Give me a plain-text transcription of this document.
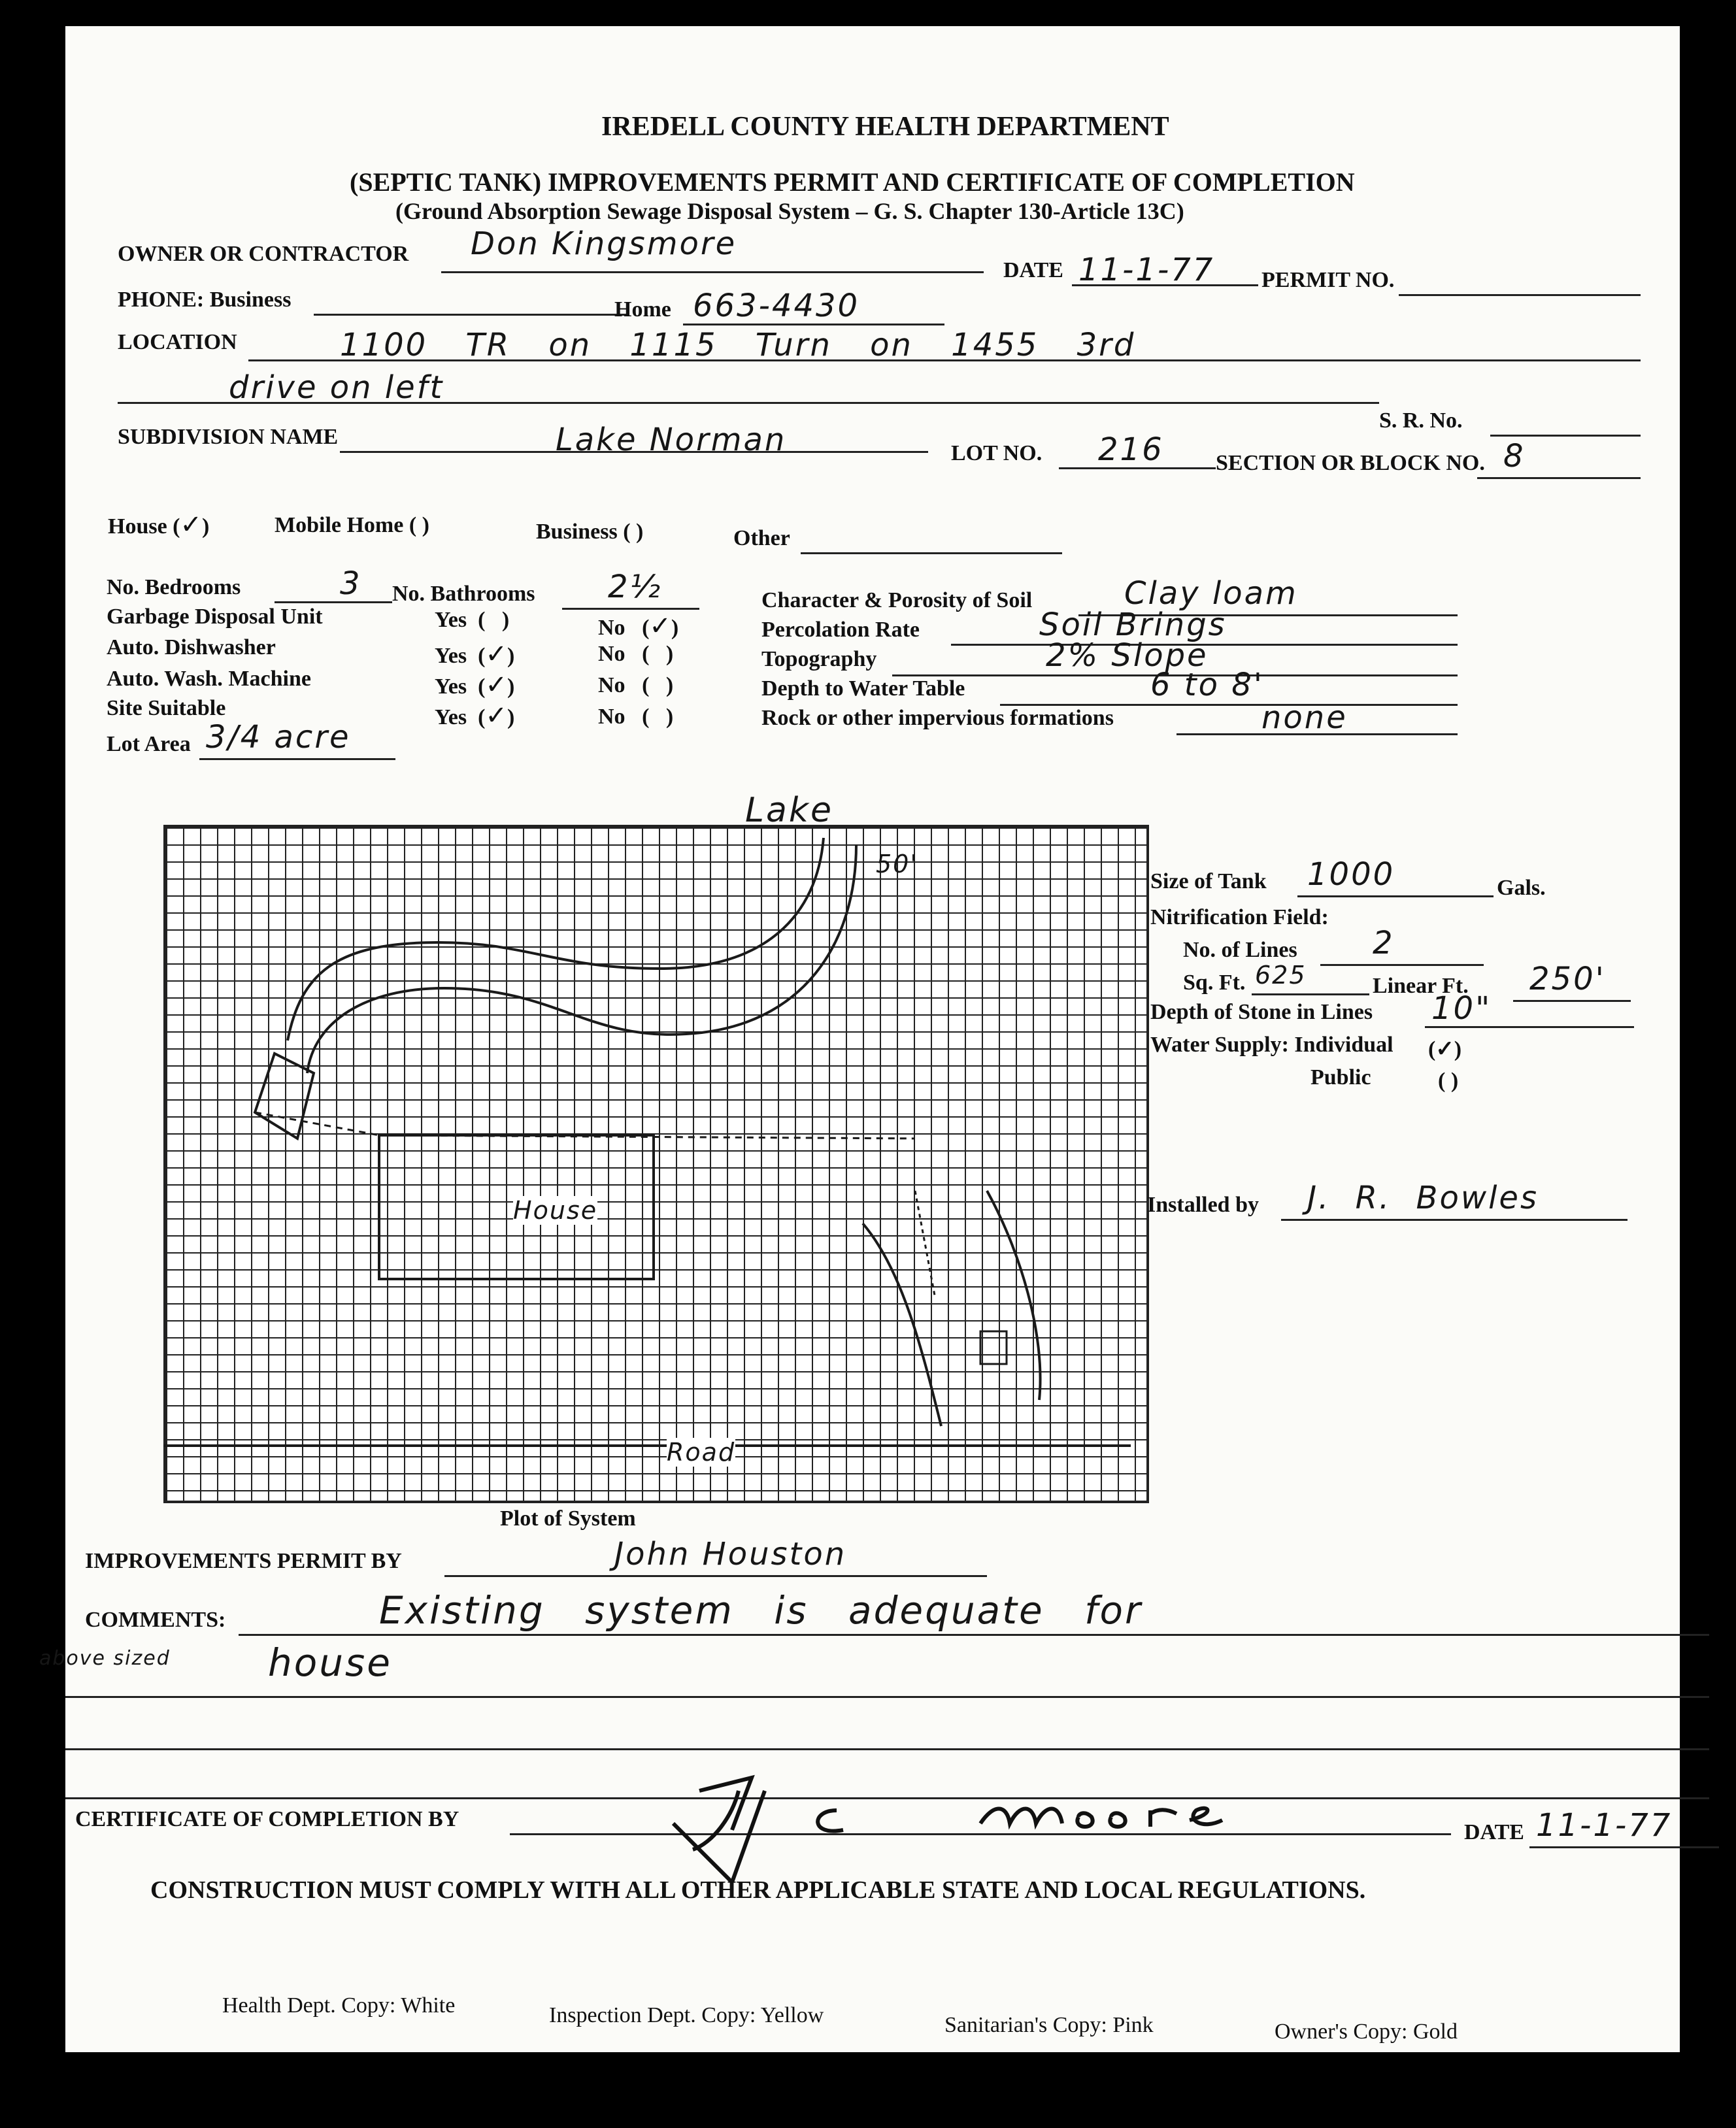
IREDELL COUNTY HEALTH DEPARTMENT
(SEPTIC TANK) IMPROVEMENTS PERMIT AND CERTIFICATE OF COMPLETION
(Ground Absorption Sewage Disposal System – G. S. Chapter 130-Article 13C)
OWNER OR CONTRACTOR Don Kingsmore
DATE 11-1-77 PERMIT NO.
PHONE: Business	Home 663-4430
LOCATION	1100 TR on 1115 Turn on 1455 3rd
drive on left
S. R. No.
SUBDIVISION NAME	Lake Norman	LOT NO. 216 SECTION OR BLOCK NO. 8
House (✓)	Mobile Home ( )	Business ( )	Other
No. Bedrooms	3 No. Bathrooms 2½
Garbage Disposal Unit	Yes  (   )	No   (✓)
Auto. Dishwasher	Yes  (✓)	No   (   )
Auto. Wash. Machine	Yes  (✓)	No   (   )
Site Suitable	Yes  (✓)	No   (   )
Lot Area 3/4 acre
Character & Porosity of Soil	Clay loam
Percolation Rate	Soil Brings
Topography	2% Slope
Depth to Water Table	6 to 8'
Rock or other impervious formations	none
Lake
50'
House
Road
Plot of System
Size of Tank 1000	Gals.
Nitrification Field:
No. of Lines 2
Sq. Ft. 625	Linear Ft. 250'
Depth of Stone in Lines 10"
Water Supply: Individual (✓)
Public	( )
Installed by J. R. Bowles
IMPROVEMENTS PERMIT BY	John Houston
COMMENTS:	Existing system is adequate for
above sized	house
CERTIFICATE OF COMPLETION BY
DATE 11-1-77
CONSTRUCTION MUST COMPLY WITH ALL OTHER APPLICABLE STATE AND LOCAL REGULATIONS.
Health Dept. Copy: White	Inspection Dept. Copy: Yellow	Sanitarian's Copy: Pink	Owner's Copy: Gold
